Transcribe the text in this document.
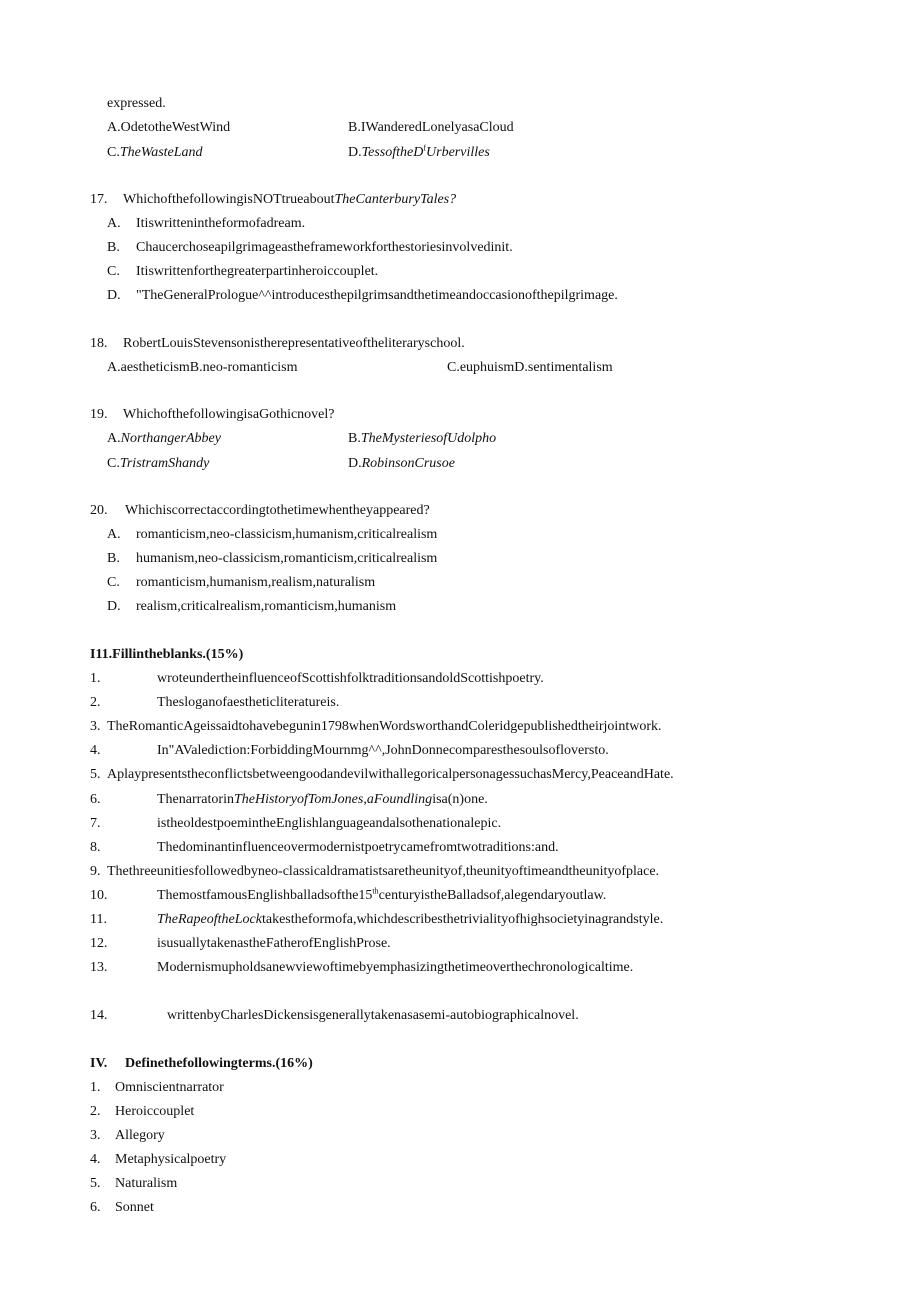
expressed.
A.OdetotheWestWind	B.IWanderedLonelyasaCloud
C.TheWasteLand	D.TessoftheD$^f$Urbervilles
17. WhichofthefollowingisNOTtrueaboutTheCanterburyTales?
A. Itiswrittenintheformofadream.
B. Chaucerchoseapilgrimageastheframeworkforthestoriesinvolvedinit.
C. Itiswrittenforthegreaterpartinheroiccouplet.
D. "TheGeneralPrologue^^introducesthepilgrimsandthetimeandoccasionofthepilgrimage.
18. RobertLouisStevensonistherepresentativeoftheliteraryschool.
A.aestheticismB.neo-romanticism	C.euphuismD.sentimentalism
19. WhichofthefollowingisaGothicnovel?
A.NorthangerAbbey	B.TheMysteriesofUdolpho
C.TristramShandy	D.RobinsonCrusoe
20. Whichiscorrectaccordingtothetimewhentheyappeared?
A. romanticism,neo-classicism,humanism,criticalrealism
B. humanism,neo-classicism,romanticism,criticalrealism
C. romanticism,humanism,realism,naturalism
D. realism,criticalrealism,romanticism,humanism
I11.Fillintheblanks.(15%)
1.	wroteundertheinfluenceofScottishfolktraditionsandoldScottishpoetry.
2.	Thesloganofaestheticliteratureis.
3. TheRomanticAgeissaidtohavebegunin1798whenWordsworthandColeridgepublishedtheirjointwork.
4.	In"AValediction:ForbiddingMournmg^^,JohnDonnecomparesthesoulsofloversto.
5. AplaypresentstheconflictsbetweengoodandevilwithallegoricalpersonagessuchasMercy,PeaceandHate.
6.	ThenarratorinTheHistoryofTomJones,aFoundlingisa(n)one.
7.	istheoldestpoemintheEnglishlanguageandalsothenationalepic.
8.	Thedominantinfluenceovermodernistpoetrycamefromtwotraditions:and.
9. Thethreeunitiesfollowedbyneo-classicaldramatistsaretheunityof,theunityoftimeandtheunityofplace.
10.	ThemostfamousEnglishballadsofthe15thcenturyistheBalladsof,alegendaryoutlaw.
11.	TheRapeoftheLocktakestheformofa,whichdescribesthetrivialityofhighsocietyinagrandstyle.
12.	isusuallytakenastheFatherofEnglishProse.
13.	Modernismupholdsanewviewoftimebyemphasizingthetimeoverthechronologicaltime.
14.	writtenbyCharlesDickensisgenerallytakenasasemi-autobiographicalnovel.
IV. Definethefollowingterms.(16%)
1. Omniscientnarrator
2. Heroiccouplet
3. Allegory
4. Metaphysicalpoetry
5. Naturalism
6. Sonnet
